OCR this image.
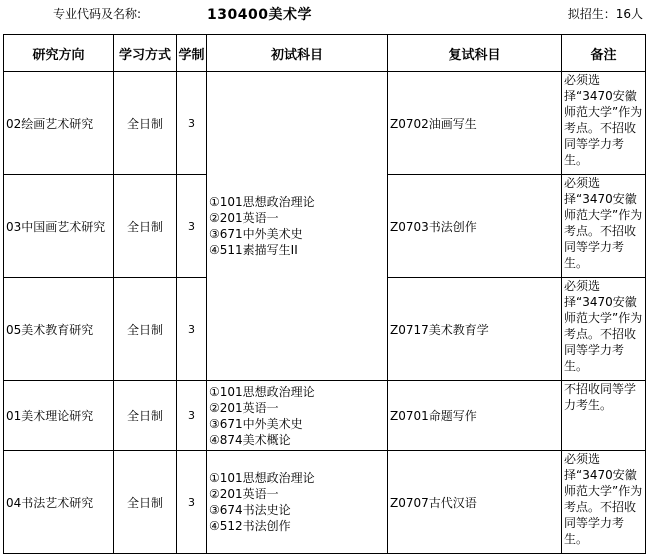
专业代码及名称:	130400美术学	拟招生：16人
研究方向	学习方式	学制	初试科目	复试科目	备注
02绘画艺术研究	全日制	3	①101思想政治理论
②201英语一
③671中外美术史
④511素描写生II	Z0702油画写生	必须选择“3470安徽师范大学”作为考点。不招收同等学力考生。
03中国画艺术研究	全日制	3		Z0703书法创作	必须选择“3470安徽师范大学”作为考点。不招收同等学力考生。
05美术教育研究	全日制	3		Z0717美术教育学	必须选择“3470安徽师范大学”作为考点。不招收同等学力考生。
01美术理论研究	全日制	3	①101思想政治理论
②201英语一
③671中外美术史
④874美术概论	Z0701命题写作	不招收同等学力考生。
04书法艺术研究	全日制	3	①101思想政治理论
②201英语一
③674书法史论
④512书法创作	Z0707古代汉语	必须选择“3470安徽师范大学”作为考点。不招收同等学力考生。
